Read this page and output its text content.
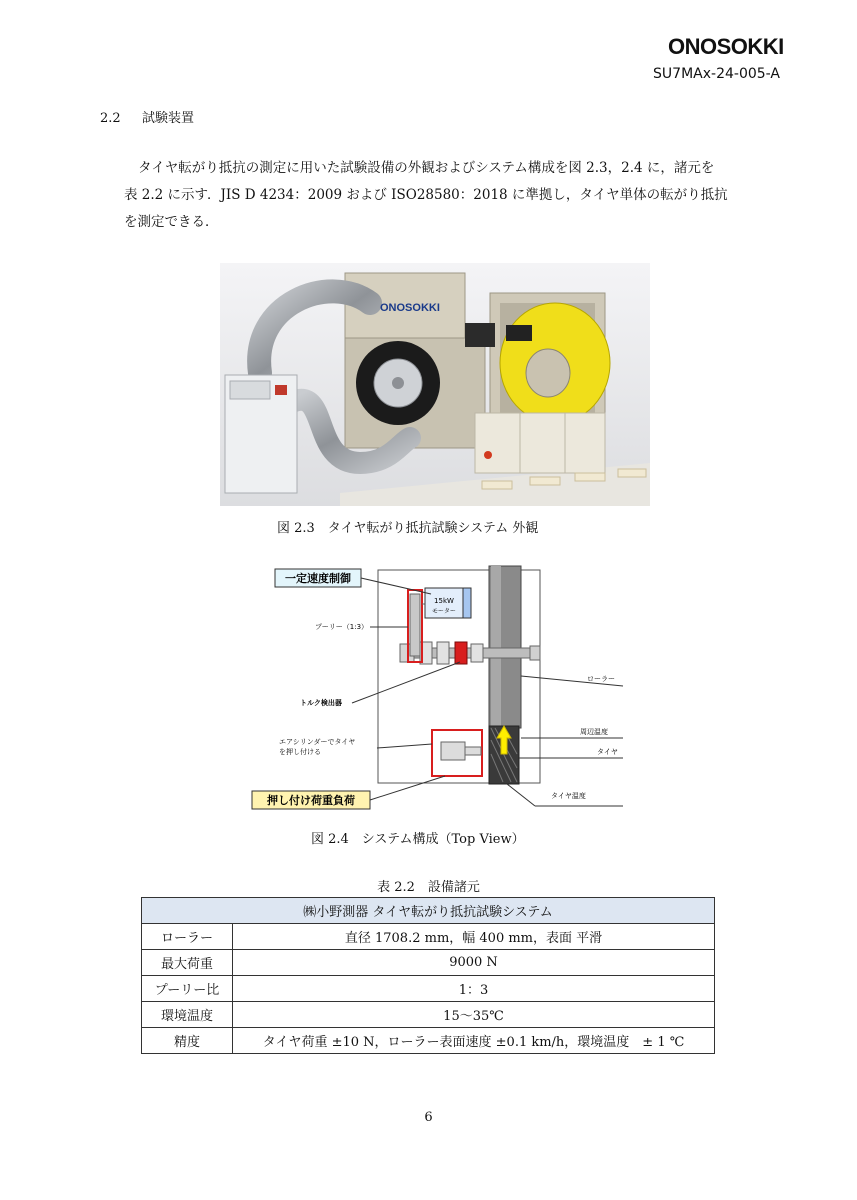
ONOSOKKI
SU7MAx-24-005-A
2.2 試験装置
タイヤ転がり抵抗の測定に用いた試験設備の外観およびシステム構成を図 2.3，2.4 に，諸元を
表 2.2 に示す．JIS D 4234：2009 および ISO28580：2018 に準拠し，タイヤ単体の転がり抵抗
を測定できる．
ONOSOKKI
図 2.3　タイヤ転がり抵抗試験システム 外観
15kW
モーター
一定速度制御
プーリー（1:3）
トルク検出器
エアシリンダーでタイヤ
を押し付ける
押し付け荷重負荷
ローラー
周辺温度
タイヤ
タイヤ温度
図 2.4　システム構成（Top View）
表 2.2　設備諸元
㈱小野測器 タイヤ転がり抵抗試験システム	
ローラー	直径 1708.2 mm，幅 400 mm，表面 平滑
最大荷重	9000 N
プーリー比	1：3
環境温度	15～35℃
精度	タイヤ荷重 ±10 N，ローラー表面速度 ±0.1 km/h，環境温度　± 1 ℃
6
